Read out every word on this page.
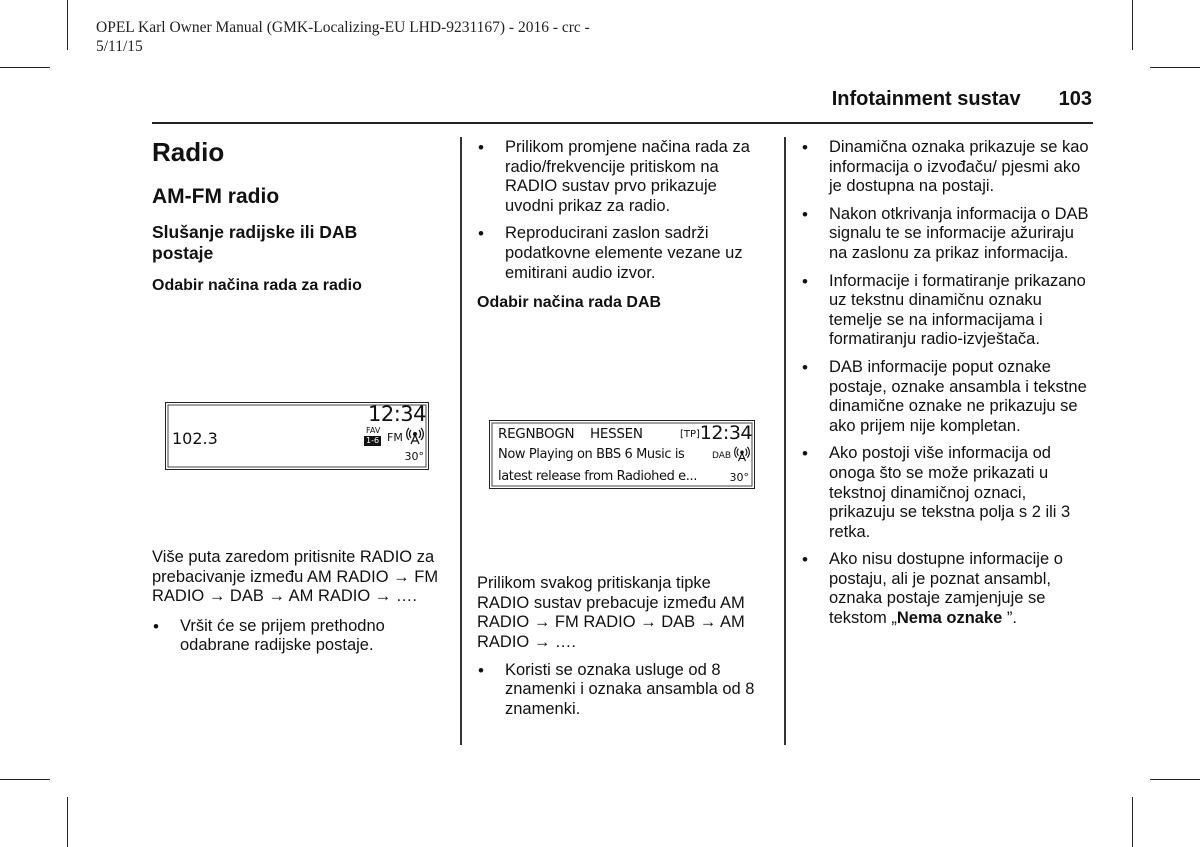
OPEL Karl Owner Manual (GMK-Localizing-EU LHD-9231167) - 2016 - crc -
5/11/15
Infotainment sustav 103
Radio
AM-FM radio
Slušanje radijske ili DAB postaje
Odabir načina rada za radio

Više puta zaredom pritisnite RADIO za prebacivanje između AM RADIO → FM RADIO → DAB → AM RADIO → ….

• Vršit će se prijem prethodno odabrane radijske postaje.
12:34
102.3	FAV
1-6 FM
30°
• Prilikom promjene načina rada za radio/frekvencije pritiskom na RADIO sustav prvo prikazuje uvodni prikaz za radio.
• Reproducirani zaslon sadrži podatkovne elemente vezane uz emitirani audio izvor.
Odabir načina rada DAB

Prilikom svakog pritiskanja tipke RADIO sustav prebacuje između AM RADIO → FM RADIO → DAB → AM RADIO → ….

• Koristi se oznaka usluge od 8 znamenki i oznaka ansambla od 8 znamenki.
REGNBOGN HESSEN	[TP] 12:34
Now Playing on BBS 6 Music is	DAB
latest release from Radiohed e...	30°
• Dinamična oznaka prikazuje se kao informacija o izvođaču/ pjesmi ako je dostupna na postaji.
• Nakon otkrivanja informacija o DAB signalu te se informacije ažuriraju na zaslonu za prikaz informacija.
• Informacije i formatiranje prikazano uz tekstnu dinamičnu oznaku temelje se na informacijama i formatiranju radio-izvještača.
• DAB informacije poput oznake postaje, oznake ansambla i tekstne dinamične oznake ne prikazuju se ako prijem nije kompletan.
• Ako postoji više informacija od onoga što se može prikazati u tekstnoj dinamičnoj oznaci, prikazuju se tekstna polja s 2 ili 3 retka.
• Ako nisu dostupne informacije o postaju, ali je poznat ansambl, oznaka postaje zamjenjuje se tekstom „Nema oznake ”.
